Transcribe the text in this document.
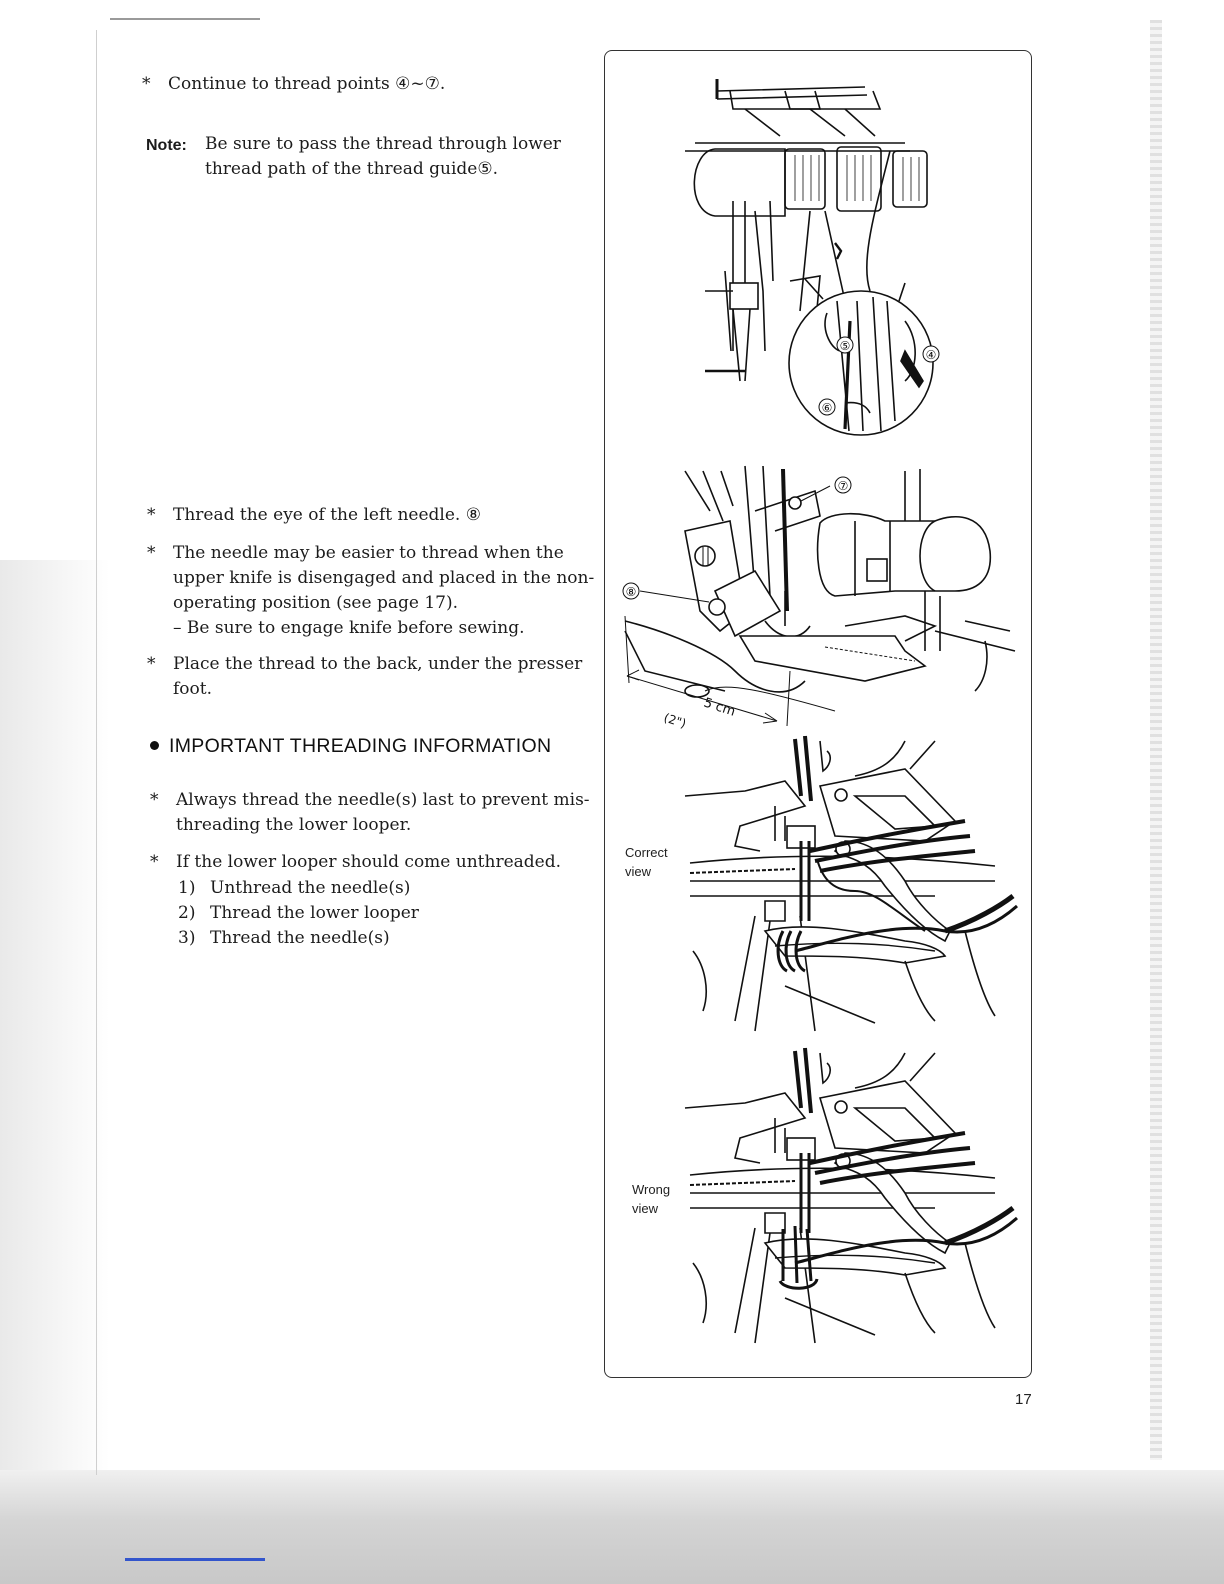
* Continue to thread points ④~⑦.
Note: Be sure to pass the thread through lower
thread path of the thread guide⑤.
* Thread the eye of the left needle. ⑧
* The needle may be easier to thread when the
upper knife is disengaged and placed in the non-
operating position (see page 17).
– Be sure to engage knife before sewing.
* Place the thread to the back, under the presser
foot.
IMPORTANT THREADING INFORMATION
* Always thread the needle(s) last to prevent mis-
threading the lower looper.
* If the lower looper should come unthreaded.
1) Unthread the needle(s)
2) Thread the lower looper
3) Thread the needle(s)
⑤
④
⑥
⑦
⑧
5 cm
(2")
Correct
view
Wrong
view
17
